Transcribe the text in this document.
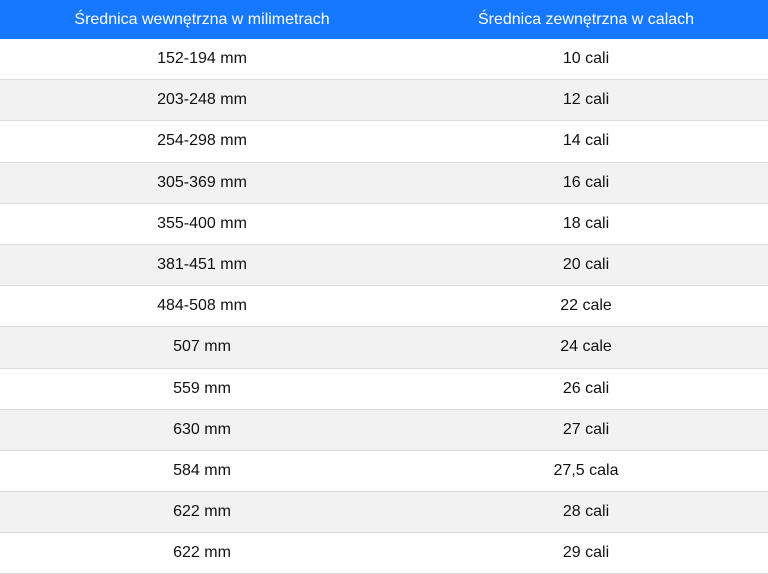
Średnica wewnętrzna w milimetrach	Średnica zewnętrzna w calach
152-194 mm	10 cali
203-248 mm	12 cali
254-298 mm	14 cali
305-369 mm	16 cali
355-400 mm	18 cali
381-451 mm	20 cali
484-508 mm	22 cale
507 mm	24 cale
559 mm	26 cali
630 mm	27 cali
584 mm	27,5 cala
622 mm	28 cali
622 mm	29 cali
